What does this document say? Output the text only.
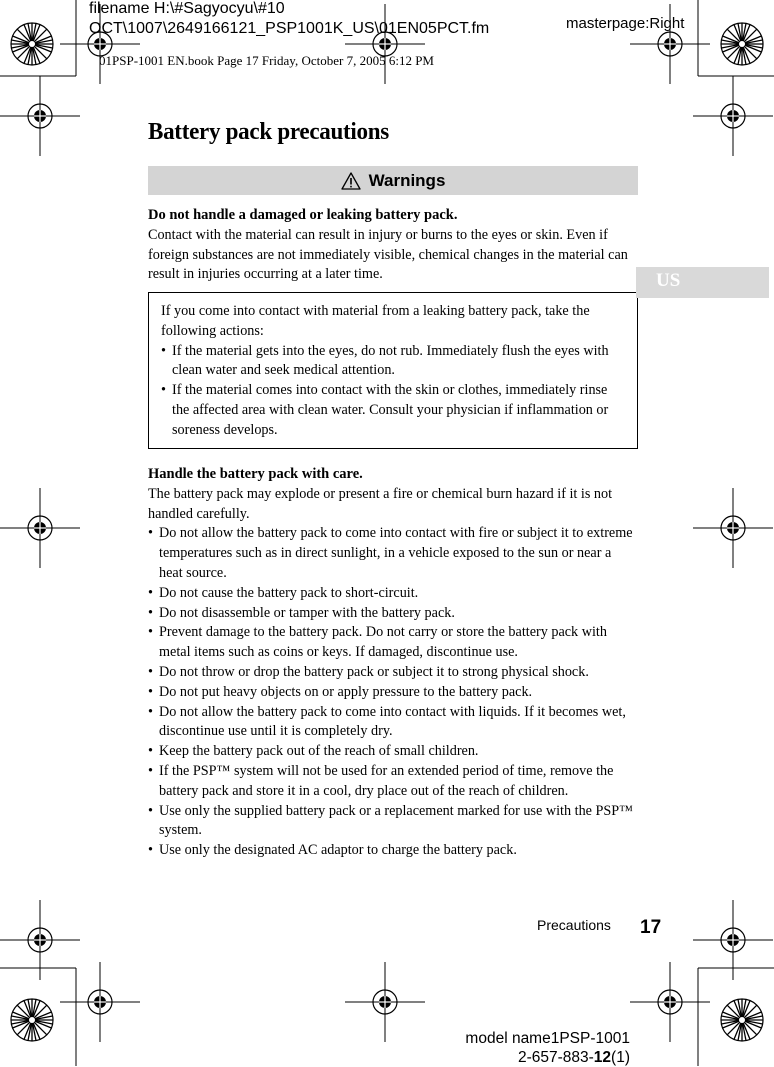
filename H:\#Sagyocyu\#10
OCT\1007\2649166121_PSP1001K_US\01EN05PCT.fm	masterpage:Right
01PSP-1001 EN.book Page 17 Friday, October 7, 2005 6:12 PM
Battery pack precautions
Warnings
Do not handle a damaged or leaking battery pack.

Contact with the material can result in injury or burns to the eyes or skin. Even if foreign substances are not immediately visible, chemical changes in the material can result in injuries occurring at a later time.

If you come into contact with material from a leaking battery pack, take the following actions:

• If the material gets into the eyes, do not rub. Immediately flush the eyes with clean water and seek medical attention.
• If the material comes into contact with the skin or clothes, immediately rinse the affected area with clean water. Consult your physician if inflammation or soreness develops.
Handle the battery pack with care.

The battery pack may explode or present a fire or chemical burn hazard if it is not handled carefully.

• Do not allow the battery pack to come into contact with fire or subject it to extreme temperatures such as in direct sunlight, in a vehicle exposed to the sun or near a heat source.
• Do not cause the battery pack to short-circuit.
• Do not disassemble or tamper with the battery pack.
• Prevent damage to the battery pack. Do not carry or store the battery pack with metal items such as coins or keys. If damaged, discontinue use.
• Do not throw or drop the battery pack or subject it to strong physical shock.
• Do not put heavy objects on or apply pressure to the battery pack.
• Do not allow the battery pack to come into contact with liquids. If it becomes wet, discontinue use until it is completely dry.
• Keep the battery pack out of the reach of small children.
• If the PSP™ system will not be used for an extended period of time, remove the battery pack and store it in a cool, dry place out of the reach of children.
• Use only the supplied battery pack or a replacement marked for use with the PSP™ system.
• Use only the designated AC adaptor to charge the battery pack.
US
Precautions 17
model name1PSP-1001
2-657-883-12(1)
